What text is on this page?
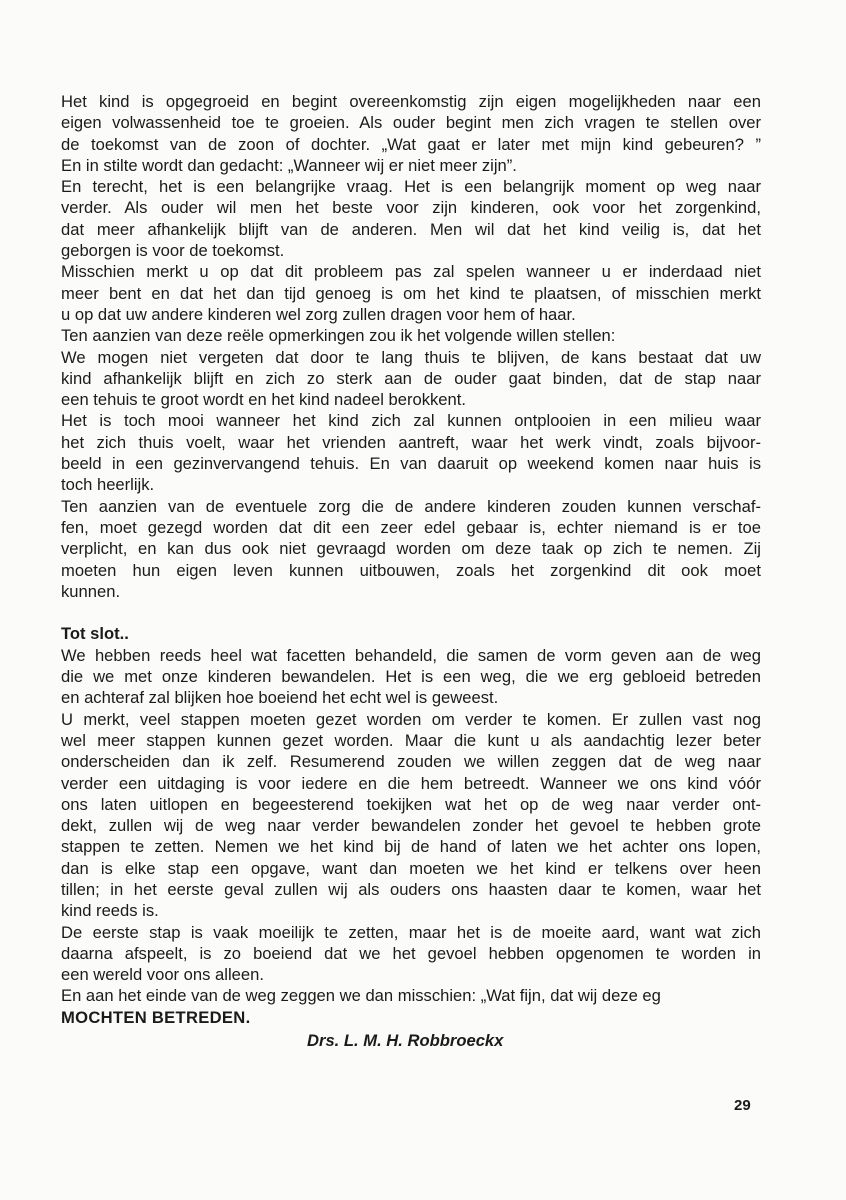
Het kind is opgegroeid en begint overeenkomstig zijn eigen mogelijkheden naar een
eigen volwassenheid toe te groeien. Als ouder begint men zich vragen te stellen over
de toekomst van de zoon of dochter. „Wat gaat er later met mijn kind gebeuren? ”
En in stilte wordt dan gedacht: „Wanneer wij er niet meer zijn”.
En terecht, het is een belangrijke vraag. Het is een belangrijk moment op weg naar
verder. Als ouder wil men het beste voor zijn kinderen, ook voor het zorgenkind,
dat meer afhankelijk blijft van de anderen. Men wil dat het kind veilig is, dat het
geborgen is voor de toekomst.
Misschien merkt u op dat dit probleem pas zal spelen wanneer u er inderdaad niet
meer bent en dat het dan tijd genoeg is om het kind te plaatsen, of misschien merkt
u op dat uw andere kinderen wel zorg zullen dragen voor hem of haar.
Ten aanzien van deze reële opmerkingen zou ik het volgende willen stellen:
We mogen niet vergeten dat door te lang thuis te blijven, de kans bestaat dat uw
kind afhankelijk blijft en zich zo sterk aan de ouder gaat binden, dat de stap naar
een tehuis te groot wordt en het kind nadeel berokkent.
Het is toch mooi wanneer het kind zich zal kunnen ontplooien in een milieu waar
het zich thuis voelt, waar het vrienden aantreft, waar het werk vindt, zoals bijvoor-
beeld in een gezinvervangend tehuis. En van daaruit op weekend komen naar huis is
toch heerlijk.
Ten aanzien van de eventuele zorg die de andere kinderen zouden kunnen verschaf-
fen, moet gezegd worden dat dit een zeer edel gebaar is, echter niemand is er toe
verplicht, en kan dus ook niet gevraagd worden om deze taak op zich te nemen. Zij
moeten hun eigen leven kunnen uitbouwen, zoals het zorgenkind dit ook moet
kunnen.
Tot slot..
We hebben reeds heel wat facetten behandeld, die samen de vorm geven aan de weg
die we met onze kinderen bewandelen. Het is een weg, die we erg gebloeid betreden
en achteraf zal blijken hoe boeiend het echt wel is geweest.
U merkt, veel stappen moeten gezet worden om verder te komen. Er zullen vast nog
wel meer stappen kunnen gezet worden. Maar die kunt u als aandachtig lezer beter
onderscheiden dan ik zelf. Resumerend zouden we willen zeggen dat de weg naar
verder een uitdaging is voor iedere en die hem betreedt. Wanneer we ons kind vóór
ons laten uitlopen en begeesterend toekijken wat het op de weg naar verder ont-
dekt, zullen wij de weg naar verder bewandelen zonder het gevoel te hebben grote
stappen te zetten. Nemen we het kind bij de hand of laten we het achter ons lopen,
dan is elke stap een opgave, want dan moeten we het kind er telkens over heen
tillen; in het eerste geval zullen wij als ouders ons haasten daar te komen, waar het
kind reeds is.
De eerste stap is vaak moeilijk te zetten, maar het is de moeite aard, want wat zich
daarna afspeelt, is zo boeiend dat we het gevoel hebben opgenomen te worden in
een wereld voor ons alleen.
En aan het einde van de weg zeggen we dan misschien: „Wat fijn, dat wij deze eg
MOCHTEN BETREDEN.
Drs. L. M. H. Robbroeckx
29
